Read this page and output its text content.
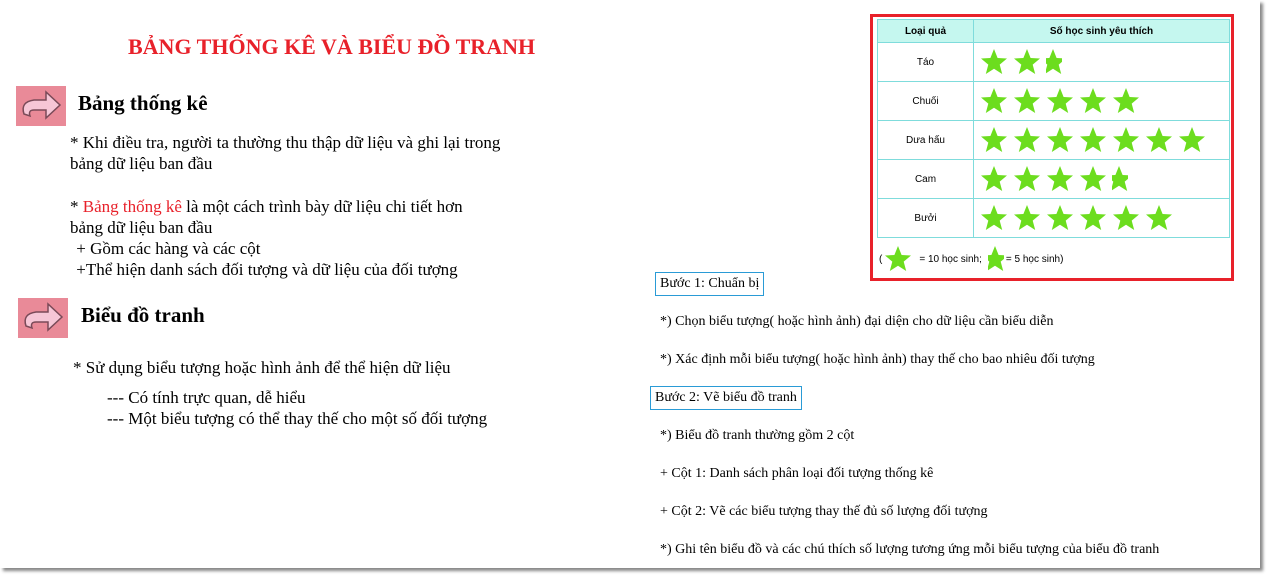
BẢNG THỐNG KÊ VÀ BIỂU ĐỒ TRANH
Bảng thống kê
* Khi điều tra, người ta thường thu thập dữ liệu và ghi lại trong
bảng dữ liệu ban đầu
* Bảng thống kê là một cách trình bày dữ liệu chi tiết hơn
bảng dữ liệu ban đầu
+ Gồm các hàng và các cột
+Thể hiện danh sách đối tượng và dữ liệu của đối tượng
Biểu đồ tranh
* Sử dụng biểu tượng hoặc hình ảnh để thể hiện dữ liệu
--- Có tính trực quan, dễ hiểu
--- Một biểu tượng có thể thay thế cho một số đối tượng
Bước 1: Chuẩn bị
*) Chọn biểu tượng( hoặc hình ảnh) đại diện cho dữ liệu cần biểu diễn
*) Xác định mỗi biểu tượng( hoặc hình ảnh) thay thế cho bao nhiêu đối tượng
Bước 2: Vẽ biểu đồ tranh
*) Biểu đồ tranh thường gồm 2 cột
+ Cột 1: Danh sách phân loại đối tượng thống kê
+ Cột 2: Vẽ các biểu tượng thay thế đủ số lượng đối tượng
*) Ghi tên biểu đồ và các chú thích số lượng tương ứng mỗi biểu tượng của biểu đồ tranh
Loại quả	Số học sinh yêu thích
Táo	
Chuối	
Dưa hấu	
Cam	
Bưởi	
(	= 10 học sinh; = 5 học sinh)
